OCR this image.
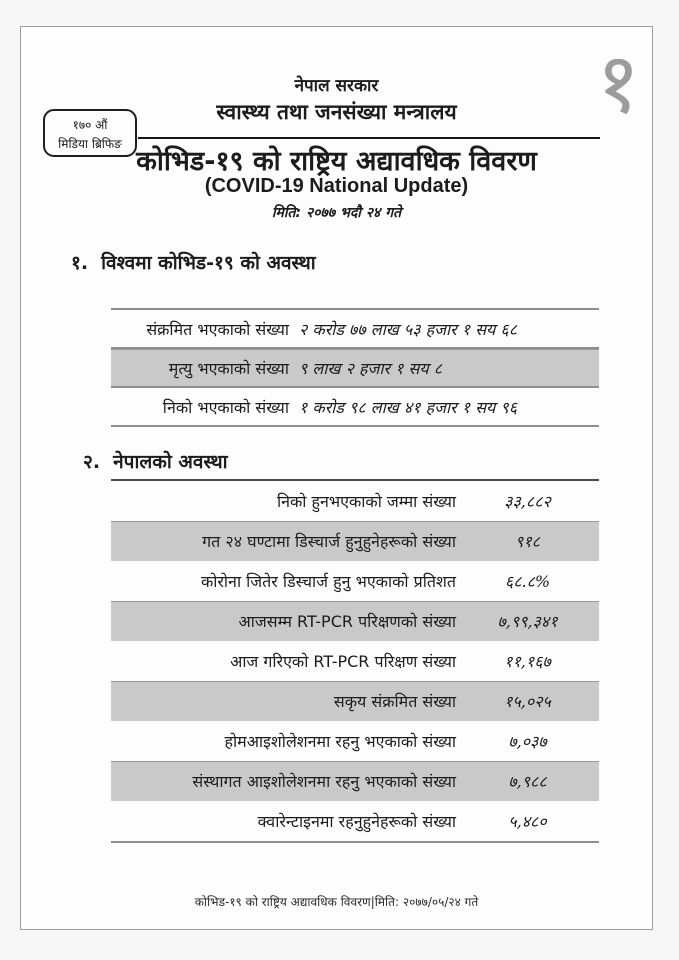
१
१७० औं
मिडिया ब्रिफिङ
नेपाल सरकार
स्वास्थ्य तथा जनसंख्या मन्त्रालय
कोभिड-१९ को राष्ट्रिय अद्यावधिक विवरण
(COVID-19 National Update)
मिति: २०७७ भदौ २४ गते
१. विश्वमा कोभिड-१९ को अवस्था
संक्रमित भएकाको संख्या २ करोड ७७ लाख ५३ हजार १ सय ६८
मृत्यु भएकाको संख्या ९ लाख २ हजार १ सय ८
निको भएकाको संख्या १ करोड ९८ लाख ४१ हजार १ सय ९६
२. नेपालको अवस्था
निको हुनभएकाको जम्मा संख्या	३३,८८२
गत २४ घण्टामा डिस्चार्ज हुनुहुनेहरूको संख्या	९१८
कोरोना जितेर डिस्चार्ज हुनु भएकाको प्रतिशत	६८.८%
आजसम्म RT-PCR परिक्षणको संख्या	७,९९,३४१
आज गरिएको RT-PCR परिक्षण संख्या	११,१६७
सकृय संक्रमित संख्या	१५,०२५
होमआइशोलेशनमा रहनु भएकाको संख्या	७,०३७
संस्थागत आइशोलेशनमा रहनु भएकाको संख्या	७,९८८
क्वारेन्टाइनमा रहनुहुनेहरूको संख्या	५,४८०
कोभिड-१९ को राष्ट्रिय अद्यावधिक विवरण|मिति: २०७७/०५/२४ गते
